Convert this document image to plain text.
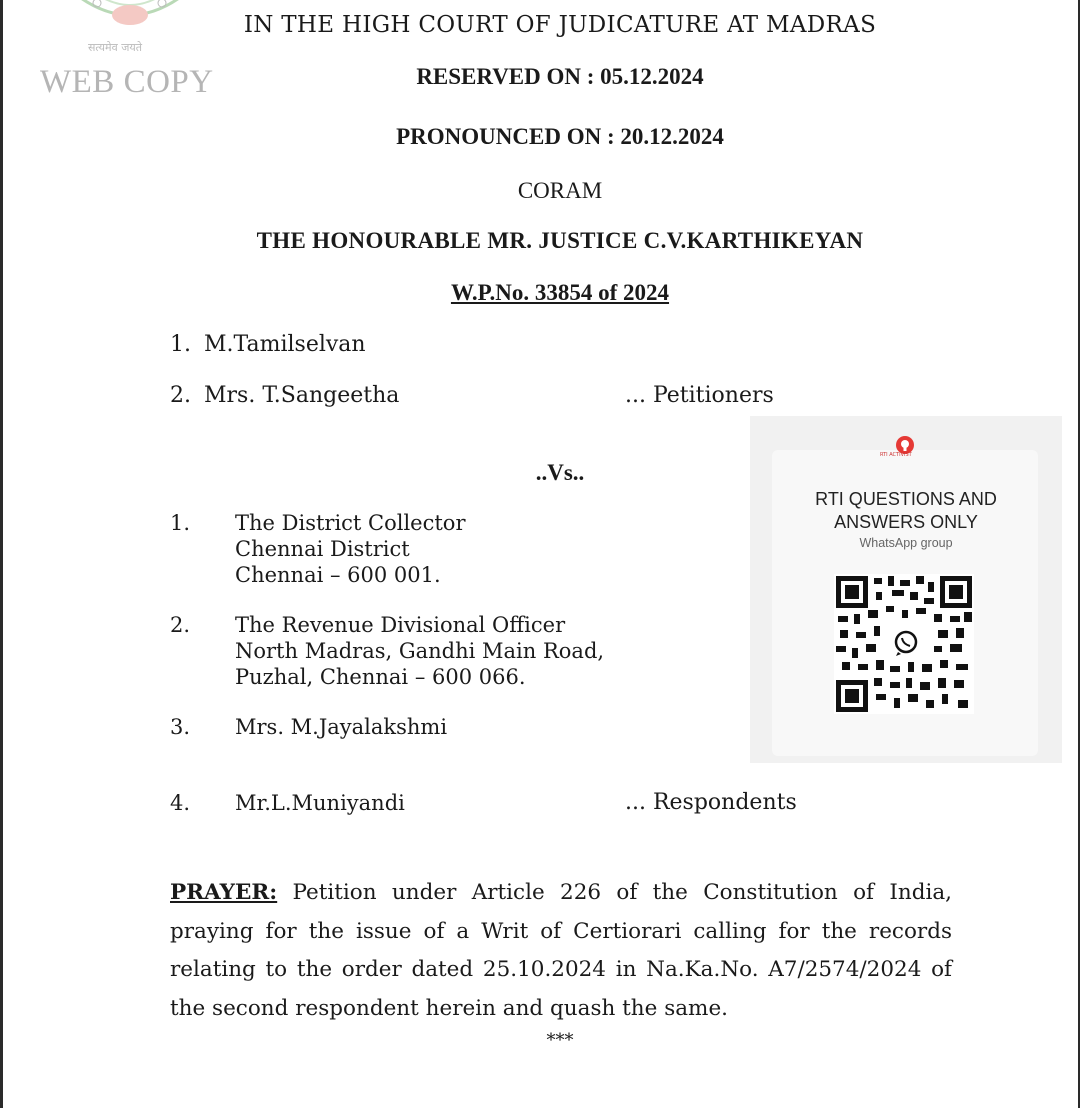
सत्यमेव जयते
WEB COPY
IN THE HIGH COURT OF JUDICATURE AT MADRAS
RESERVED ON : 05.12.2024
PRONOUNCED ON : 20.12.2024
CORAM
THE HONOURABLE MR. JUSTICE C.V.KARTHIKEYAN
W.P.No. 33854 of 2024
1. M.Tamilselvan
2. Mrs. T.Sangeetha	... Petitioners
..Vs..
1. The District Collector
Chennai District
Chennai – 600 001.
2. The Revenue Divisional Officer
North Madras, Gandhi Main Road,
Puzhal, Chennai – 600 066.
3. Mrs. M.Jayalakshmi
4. Mr.L.Muniyandi	... Respondents
PRAYER: Petition under Article 226 of the Constitution of India, praying for the issue of a Writ of Certiorari calling for the records relating to the order dated 25.10.2024 in Na.Ka.No. A7/2574/2024 of the second respondent herein and quash the same.
***
RTI ACTIVIST
RTI QUESTIONS AND
ANSWERS ONLY
WhatsApp group
